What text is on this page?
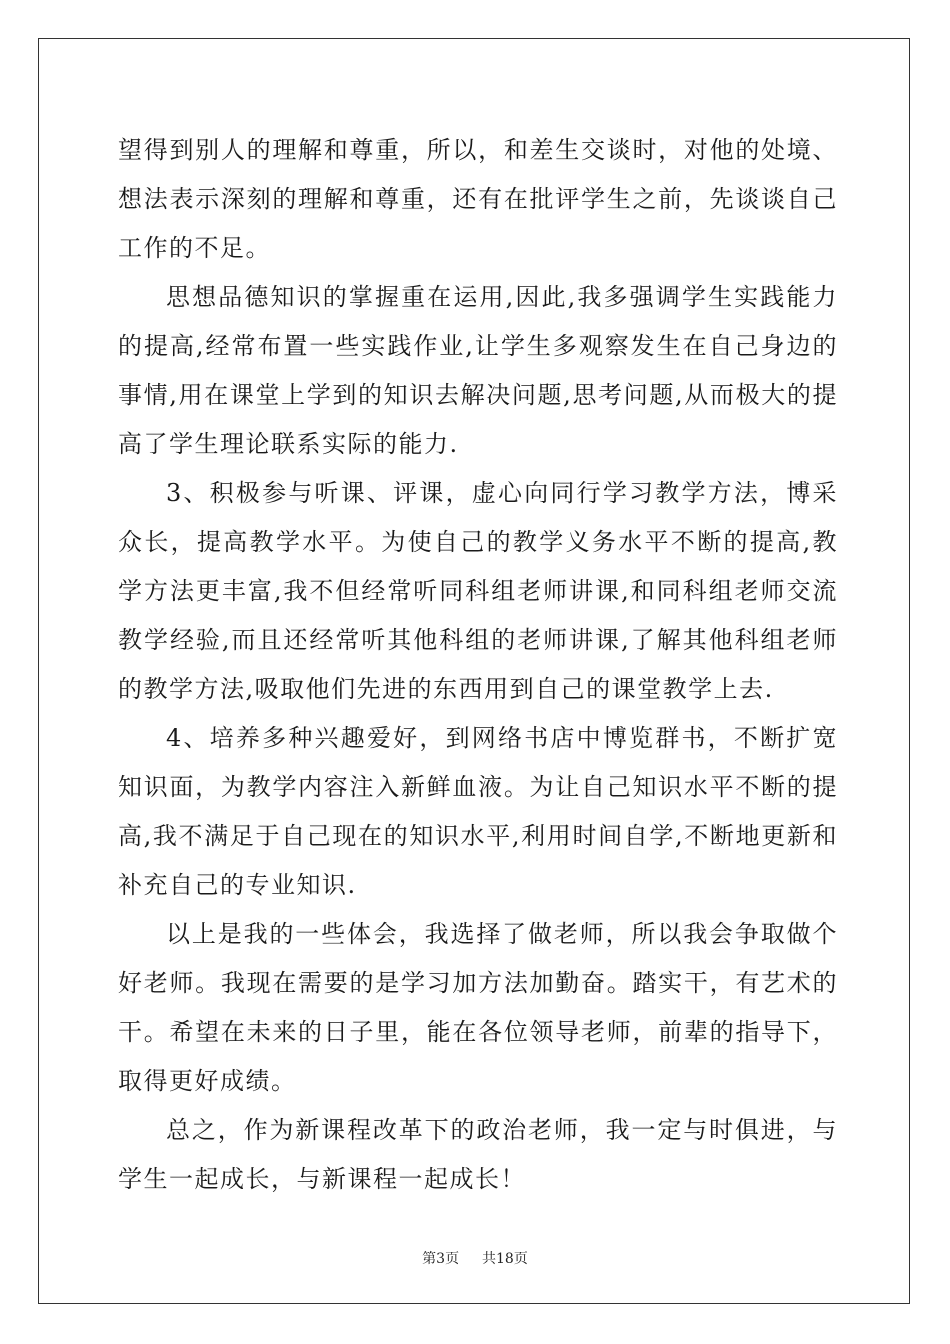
望得到别人的理解和尊重，所以，和差生交谈时，对他的处境、想法表示深刻的理解和尊重，还有在批评学生之前，先谈谈自己工作的不足。

思想品德知识的掌握重在运用,因此,我多强调学生实践能力的提高,经常布置一些实践作业,让学生多观察发生在自己身边的事情,用在课堂上学到的知识去解决问题,思考问题,从而极大的提高了学生理论联系实际的能力.

3、积极参与听课、评课，虚心向同行学习教学方法，博采众长，提高教学水平。为使自己的教学义务水平不断的提高,教学方法更丰富,我不但经常听同科组老师讲课,和同科组老师交流教学经验,而且还经常听其他科组的老师讲课,了解其他科组老师的教学方法,吸取他们先进的东西用到自己的课堂教学上去.

4、培养多种兴趣爱好，到网络书店中博览群书，不断扩宽知识面，为教学内容注入新鲜血液。为让自己知识水平不断的提高,我不满足于自己现在的知识水平,利用时间自学,不断地更新和补充自己的专业知识.

以上是我的一些体会，我选择了做老师，所以我会争取做个好老师。我现在需要的是学习加方法加勤奋。踏实干，有艺术的干。希望在未来的日子里，能在各位领导老师，前辈的指导下，取得更好成绩。

总之，作为新课程改革下的政治老师，我一定与时俱进，与学生一起成长，与新课程一起成长！

第3页 共18页
